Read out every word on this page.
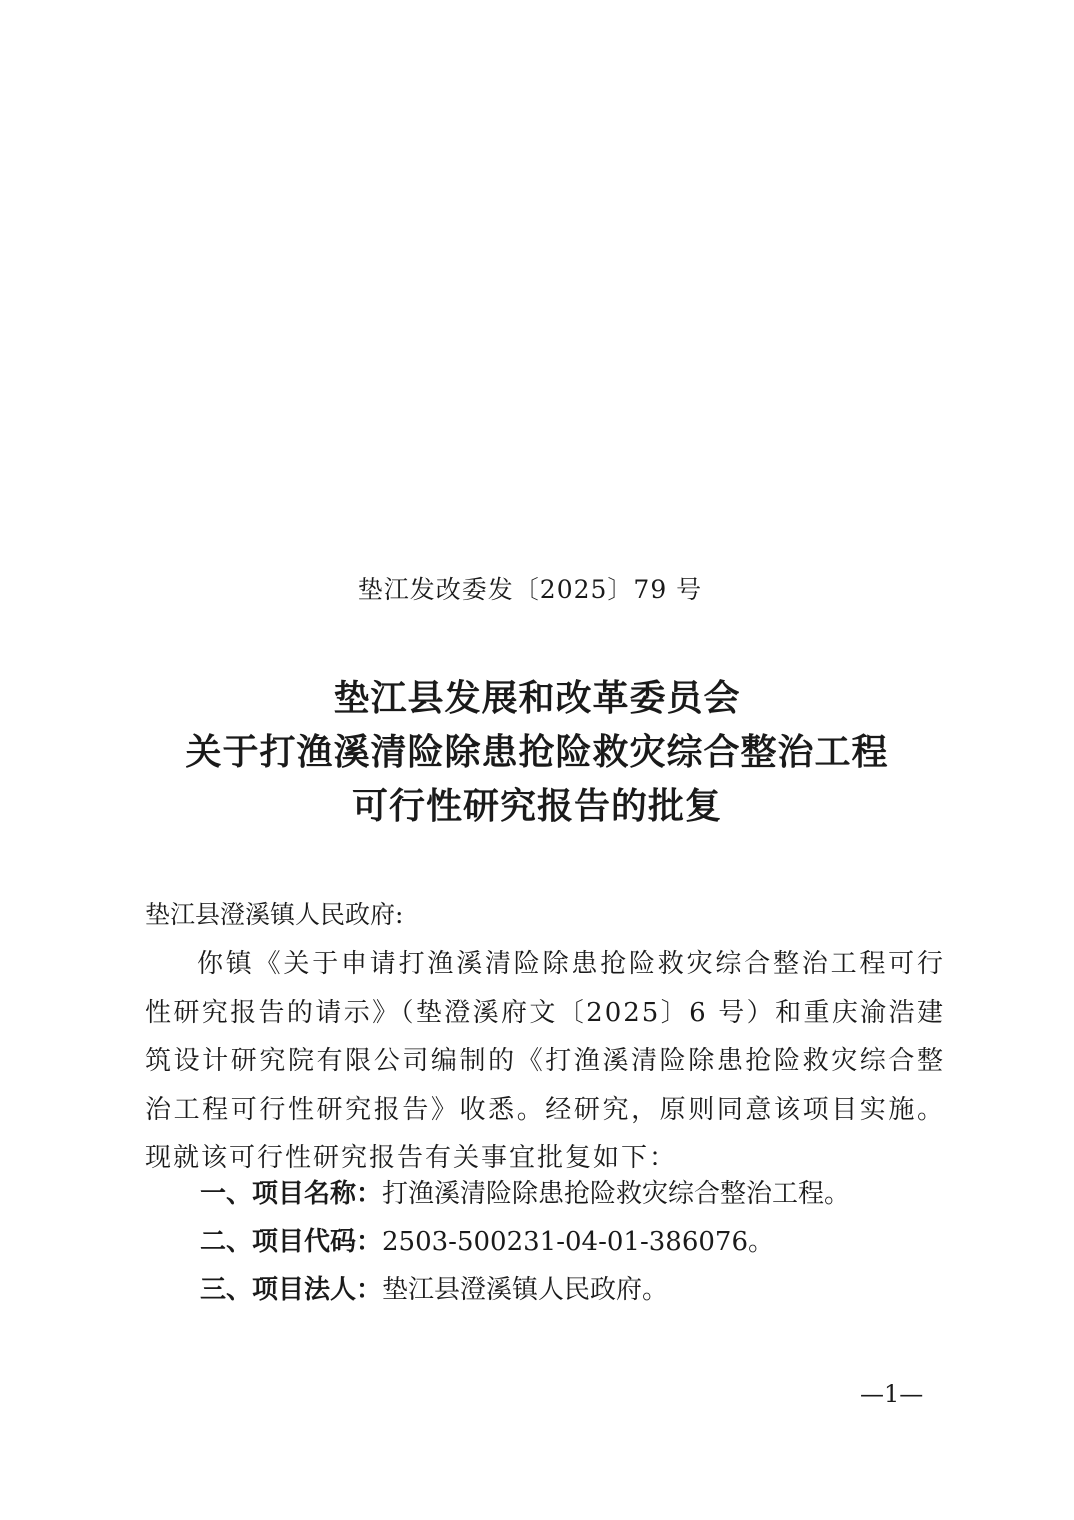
垫江发改委发〔2025〕79 号
垫江县发展和改革委员会
关于打渔溪清险除患抢险救灾综合整治工程
可行性研究报告的批复
垫江县澄溪镇人民政府:
你镇《关于申请打渔溪清险除患抢险救灾综合整治工程可行性研究报告的请示》（垫澄溪府文〔2025〕6 号）和重庆渝浩建筑设计研究院有限公司编制的《打渔溪清险除患抢险救灾综合整治工程可行性研究报告》收悉。经研究，原则同意该项目实施。现就该可行性研究报告有关事宜批复如下：
一、项目名称：打渔溪清险除患抢险救灾综合整治工程。
二、项目代码：2503-500231-04-01-386076。
三、项目法人：垫江县澄溪镇人民政府。
—1—
